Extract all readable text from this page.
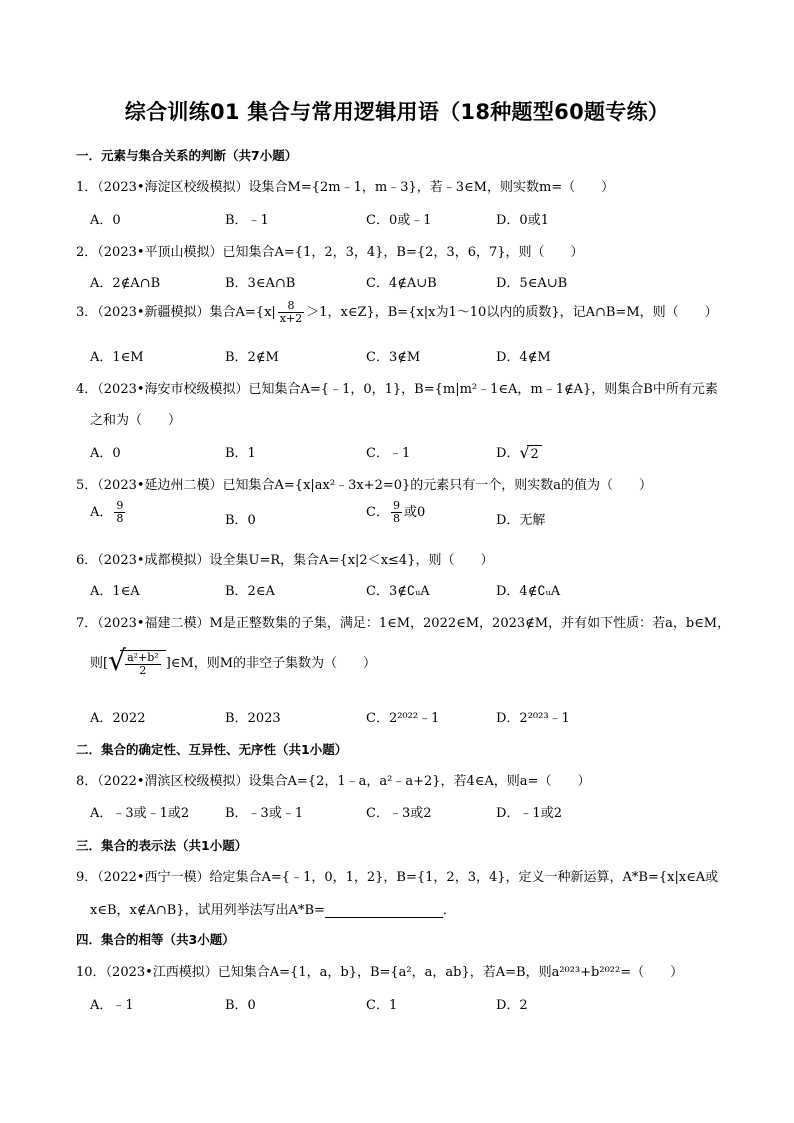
综合训练01 集合与常用逻辑用语（18种题型60题专练）
一．元素与集合关系的判断（共7小题）
1．（2023•海淀区校级模拟）设集合M={2m﹣1，m﹣3}，若﹣3∈M，则实数m=（　　）
A．0	B．﹣1	C．0或﹣1	D．0或1
2．（2023•平顶山模拟）已知集合A={1，2，3，4}，B={2，3，6，7}，则（　　）
A．2∉A∩B	B．3∈A∩B	C．4∉A∪B	D．5∈A∪B
3．（2023•新疆模拟）集合$A=\{x| \frac{8}{x+2} >1$，x∈Z}，B={x|x为1～10以内的质数}，记A∩B=M，则（　　）
A．1∈M	B．2∉M	C．3∉M	D．4∉M
4．（2023•海安市校级模拟）已知集合A={﹣1，0，1}，B={m|m²﹣1∈A，m﹣1∉A}，则集合B中所有元素
之和为（　　）
A．0	B．1	C．﹣1	D． √ 2
5．（2023•延边州二模）已知集合A={x|ax²﹣3x+2=0}的元素只有一个，则实数a的值为（　　）
A． $\frac{9}{8}$	B．0
C． $\frac{9}{8}$ 或0
D．无解
6．（2023•成都模拟）设全集U=R，集合A={x|2＜x≤4}，则（　　）
A．1∈A	B．2∈A	C．3∉∁ᵤA	D．4∉∁ᵤA
7．（2023•福建二模）M是正整数集的子集，满足：1∈M，2022∈M，2023∉M，并有如下性质：若a，b∈M，
则[ √ $\frac{\text{a²+b²}}{2}$ ]∈M，则M的非空子集数为（　　）
A．2022	B．2023	C．2²⁰²²﹣1	D．2²⁰²³﹣1
二．集合的确定性、互异性、无序性（共1小题）
8．（2022•渭滨区校级模拟）设集合A={2，1﹣a，a²﹣a+2}，若4∈A，则a=（　　）
A．﹣3或﹣1或2	B．﹣3或﹣1	C．﹣3或2	D．﹣1或2
三．集合的表示法（共1小题）
9．（2022•西宁一模）给定集合A={﹣1，0，1，2}，B={1，2，3，4}，定义一种新运算，A*B={x|x∈A或
x∈B，x∉A∩B}，试用列举法写出A*B=	．
四．集合的相等（共3小题）
10．（2023•江西模拟）已知集合A={1，a，b}，B={a²，a，ab}，若A=B，则a²⁰²³+b²⁰²²=（　　）
A．﹣1	B．0	C．1	D．2
